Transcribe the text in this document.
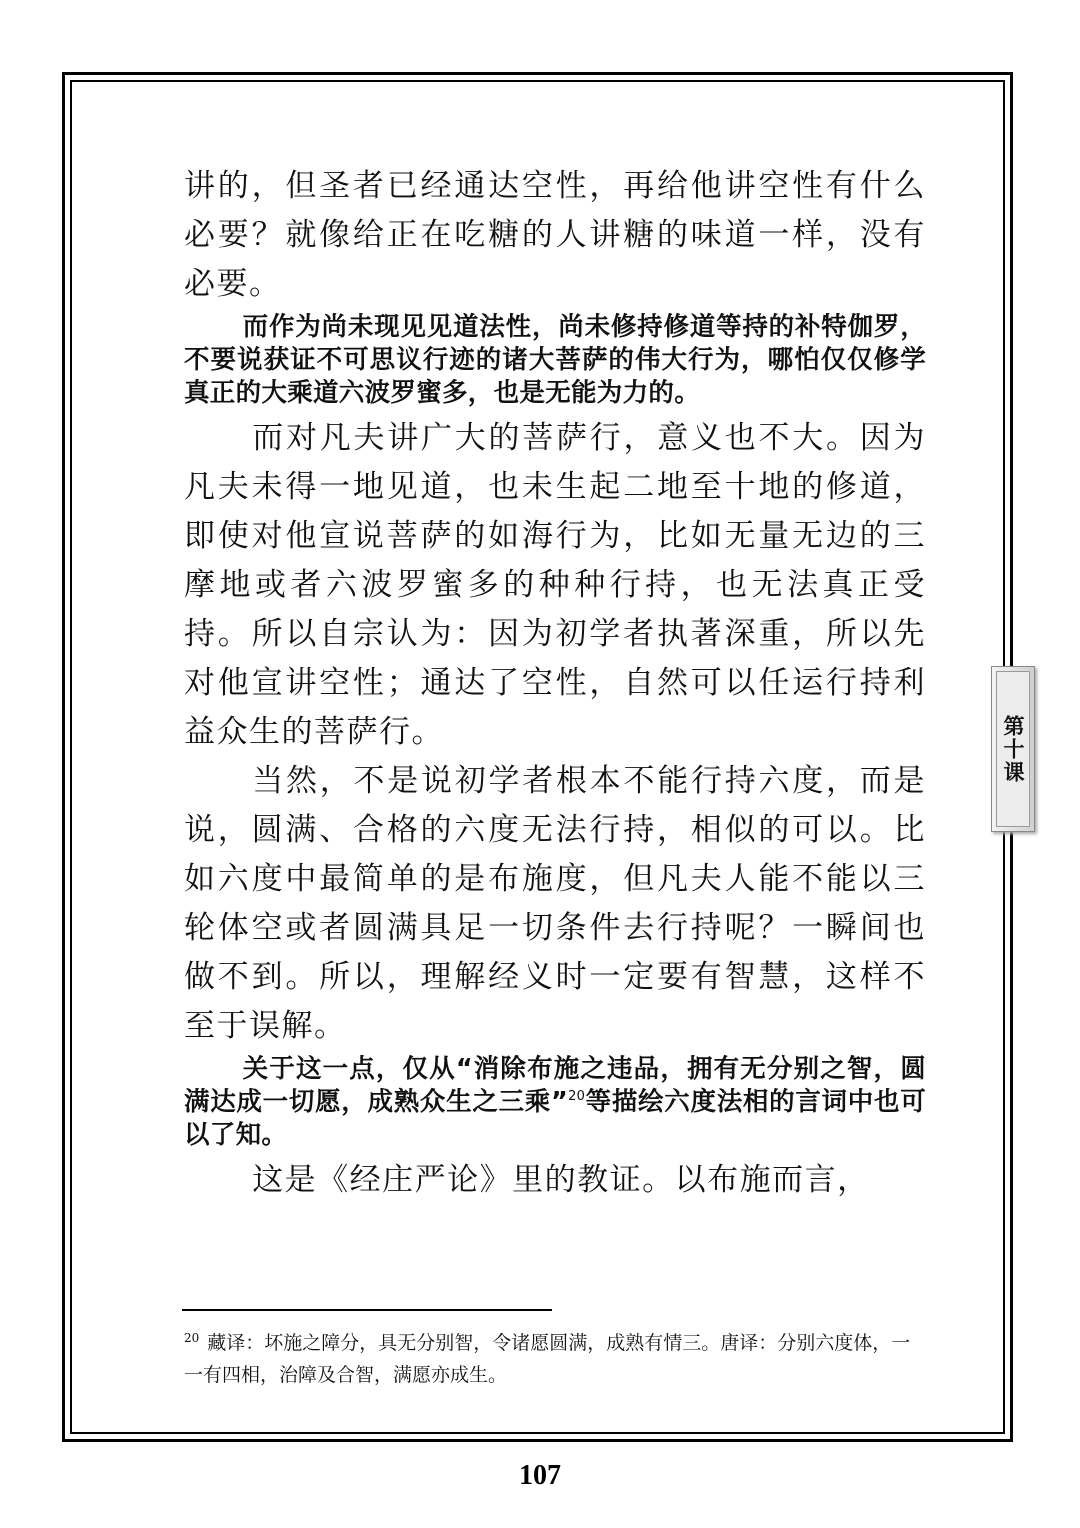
讲的，但圣者已经通达空性，再给他讲空性有什么必要？就像给正在吃糖的人讲糖的味道一样，没有必要。

而作为尚未现见见道法性，尚未修持修道等持的补特伽罗，不要说获证不可思议行迹的诸大菩萨的伟大行为，哪怕仅仅修学真正的大乘道六波罗蜜多，也是无能为力的。

而对凡夫讲广大的菩萨行，意义也不大。因为凡夫未得一地见道，也未生起二地至十地的修道，即使对他宣说菩萨的如海行为，比如无量无边的三摩地或者六波罗蜜多的种种行持，也无法真正受持。所以自宗认为：因为初学者执著深重，所以先对他宣讲空性；通达了空性，自然可以任运行持利益众生的菩萨行。

当然，不是说初学者根本不能行持六度，而是说，圆满、合格的六度无法行持，相似的可以。比如六度中最简单的是布施度，但凡夫人能不能以三轮体空或者圆满具足一切条件去行持呢？一瞬间也做不到。所以，理解经义时一定要有智慧，这样不至于误解。

关于这一点，仅从“消除布施之违品，拥有无分别之智，圆满达成一切愿，成熟众生之三乘”$^{20}$等描绘六度法相的言词中也可以了知。

这是《经庄严论》里的教证。以布施而言，

第十课
$^{20}$ 藏译：坏施之障分，具无分别智，令诸愿圆满，成熟有情三。唐译：分别六度体，一一有四相，治障及合智，满愿亦成生。
107
